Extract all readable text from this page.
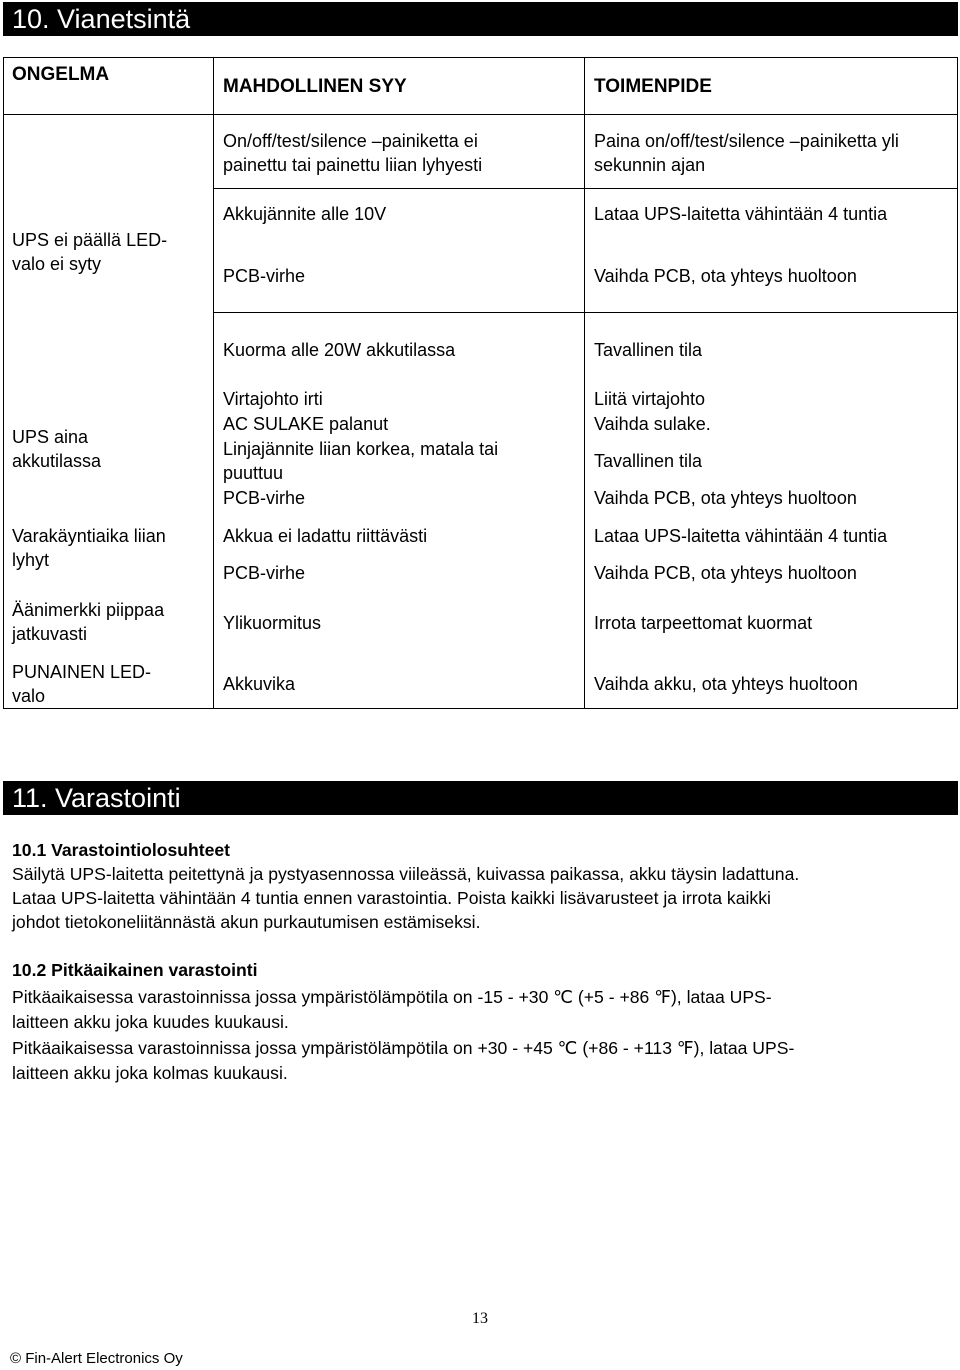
10. Vianetsintä
ONGELMA
MAHDOLLINEN SYY	TOIMENPIDE
UPS ei päällä LED-
valo ei syty
UPS aina
akkutilassa
Varakäyntiaika liian
lyhyt
Äänimerkki piippaa
jatkuvasti
PUNAINEN LED-
valo
On/off/test/silence –painiketta ei
painettu tai painettu liian lyhyesti
Akkujännite alle 10V
PCB-virhe
Kuorma alle 20W akkutilassa
Virtajohto irti
AC SULAKE palanut
Linjajännite liian korkea, matala tai
puuttuu
PCB-virhe
Akkua ei ladattu riittävästi
PCB-virhe
Ylikuormitus
Akkuvika
Paina on/off/test/silence –painiketta yli
sekunnin ajan
Lataa UPS-laitetta vähintään 4 tuntia
Vaihda PCB, ota yhteys huoltoon
Tavallinen tila
Liitä virtajohto
Vaihda sulake.
Tavallinen tila
Vaihda PCB, ota yhteys huoltoon
Lataa UPS-laitetta vähintään 4 tuntia
Vaihda PCB, ota yhteys huoltoon
Irrota tarpeettomat kuormat
Vaihda akku, ota yhteys huoltoon
11. Varastointi
10.1 Varastointiolosuhteet
Säilytä UPS-laitetta peitettynä ja pystyasennossa viileässä, kuivassa paikassa, akku täysin ladattuna.
Lataa UPS-laitetta vähintään 4 tuntia ennen varastointia. Poista kaikki lisävarusteet ja irrota kaikki
johdot tietokoneliitännästä akun purkautumisen estämiseksi.
10.2 Pitkäaikainen varastointi
Pitkäaikaisessa varastoinnissa jossa ympäristölämpötila on -15 - +30 ℃ (+5 - +86 ℉), lataa UPS-
laitteen akku joka kuudes kuukausi.
Pitkäaikaisessa varastoinnissa jossa ympäristölämpötila on +30 - +45 ℃ (+86 - +113 ℉), lataa UPS-
laitteen akku joka kolmas kuukausi.
13
© Fin-Alert Electronics Oy
